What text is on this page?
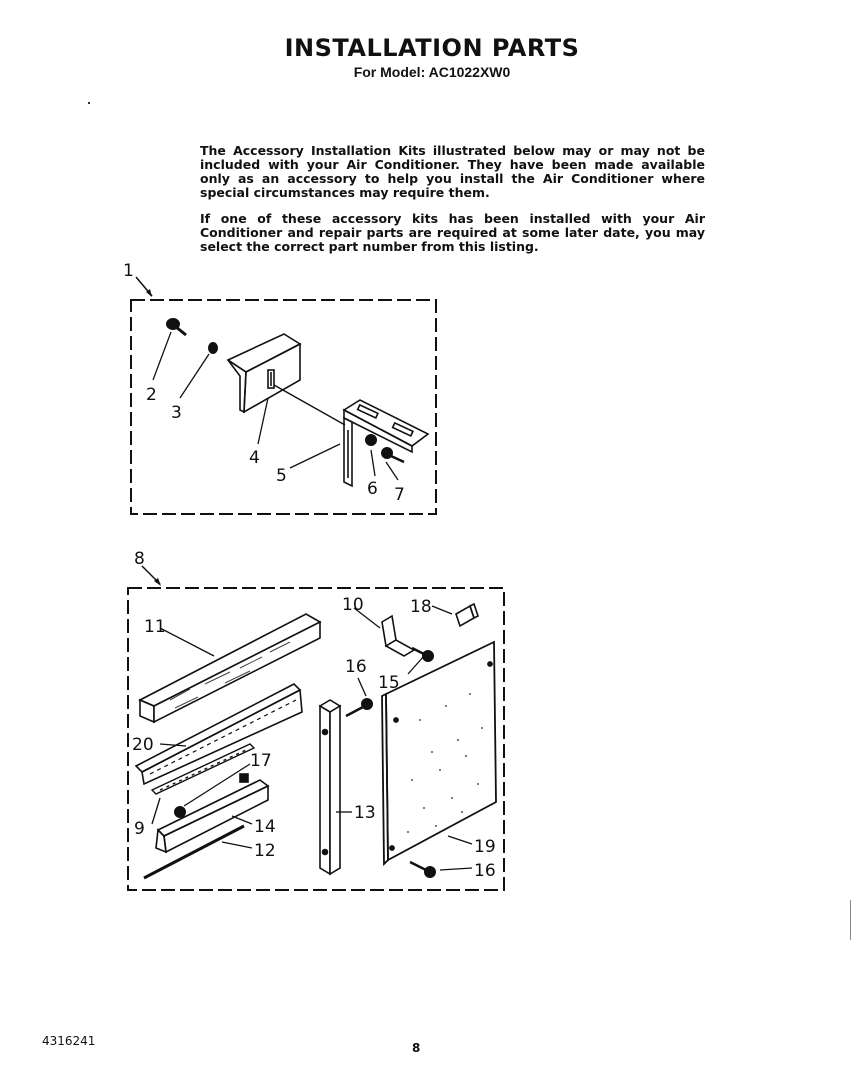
INSTALLATION PARTS
For Model: AC1022XW0
The Accessory Installation Kits illustrated below may or may not be included with your Air Conditioner. They have been made available only as an accessory to help you install the Air Conditioner where special circumstances may require them.
If one of these accessory kits has been installed with your Air Conditioner and repair parts are required at some later date, you may select the correct part number from this listing.
1
2
3
4
5
6 7
8
11
10	18
16
15
20
17
9	14
12
13
19
16
4316241	8
